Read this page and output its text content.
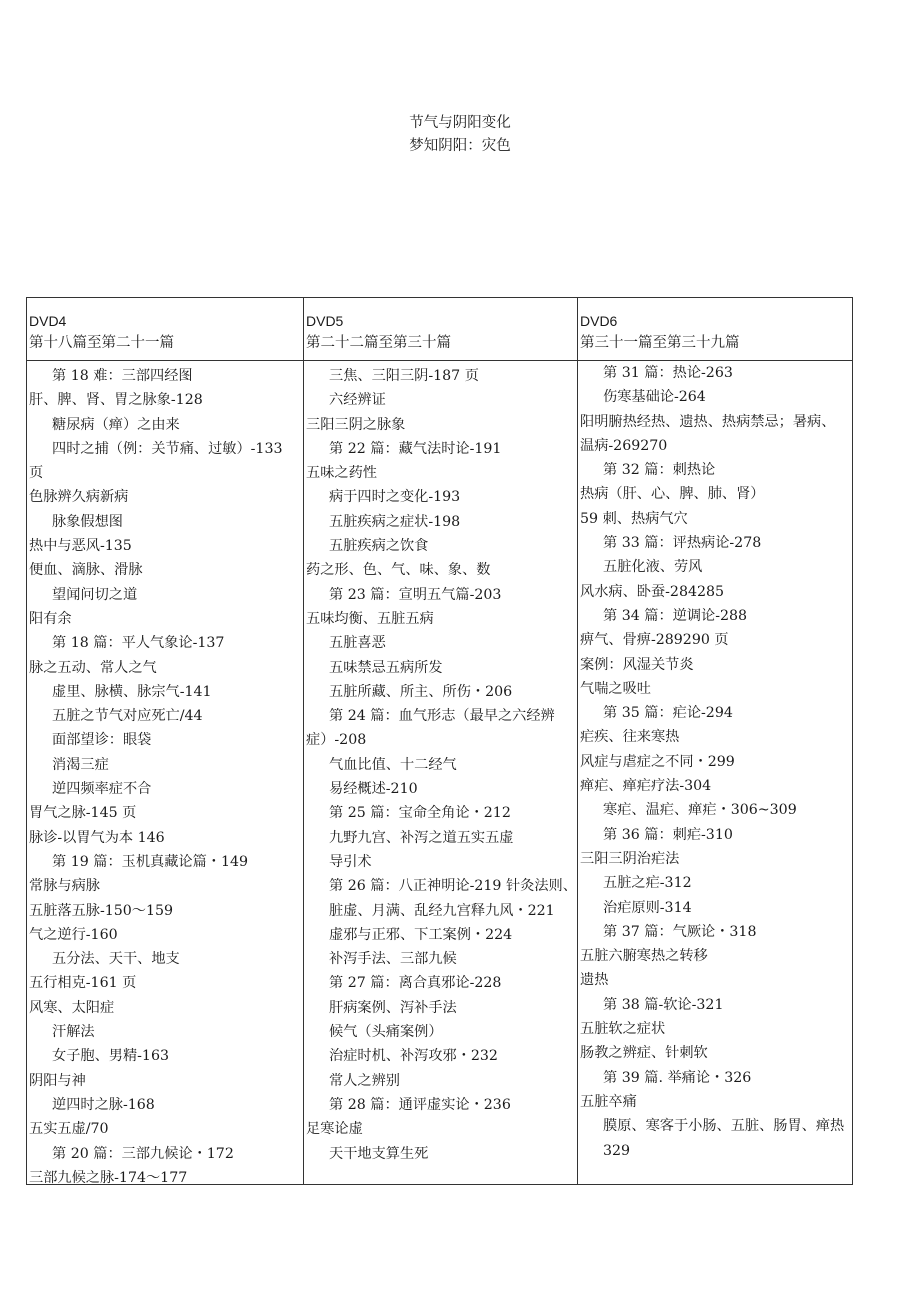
节气与阴阳变化
梦知阴阳：灾色
DVD4
第十八篇至第二十一篇
第 18 难：三部四经图
肝、脾、肾、胃之脉象-128
糖尿病（瘅）之由来
四时之捕（例：关节痛、过敏）-133
页
色脉辨久病新病
脉象假想图
热中与恶风-135
便血、滴脉、滑脉
望闻问切之道
阳有余
第 18 篇：平人气象论-137
脉之五动、常人之气
虚里、脉横、脉宗气-141
五脏之节气对应死亡/44
面部望诊：眼袋
消渴三症
逆四频率症不合
胃气之脉-145 页
脉诊-以胃气为本 146
第 19 篇：玉机真藏论篇・149
常脉与病脉
五脏落五脉-150～159
气之逆行-160
五分法、天干、地支
五行相克-161 页
风寒、太阳症
汗解法
女子胞、男精-163
阴阳与神
逆四时之脉-168
五实五虚/70
第 20 篇：三部九候论・172
三部九候之脉-174～177
DVD5
第二十二篇至第三十篇
三焦、三阳三阴-187 页
六经辨证
三阳三阴之脉象
第 22 篇：藏气法时论-191
五味之药性
病于四时之变化-193
五脏疾病之症状-198
五脏疾病之饮食
药之形、色、气、味、象、数
第 23 篇：宣明五气篇-203
五味均衡、五脏五病
五脏喜恶
五味禁忌五病所发
五脏所藏、所主、所伤・206
第 24 篇：血气形志（最早之六经辨
症）-208
气血比值、十二经气
易经概述-210
第 25 篇：宝命全角论・212
九野九宫、补泻之道五实五虚
导引术
第 26 篇：八正神明论-219 针灸法则、
脏虚、月满、乱经九宫释九风・221
虚邪与正邪、下工案例・224
补泻手法、三部九候
第 27 篇：离合真邪论-228
肝病案例、泻补手法
候气（头痛案例）
治症时机、补泻攻邪・232
常人之辨别
第 28 篇：通评虚实论・236
足寒论虚
天干地支算生死
DVD6
第三十一篇至第三十九篇
第 31 篇：热论-263
伤寒基础论-264
阳明腑热经热、遗热、热病禁忌；暑病、温病-269270
第 32 篇：刺热论
热病（肝、心、脾、肺、肾）
59 刺、热病气穴
第 33 篇：评热病论-278
五脏化液、劳风
风水病、卧蚕-284285
第 34 篇：逆调论-288
痹气、骨痹-289290 页
案例：风湿关节炎
气喘之吸吐
第 35 篇：疟论-294
疟疾、往来寒热
风症与虐症之不同・299
瘅疟、瘅疟疗法-304
寒疟、温疟、瘅疟・306~309
第 36 篇：刺疟-310
三阳三阴治疟法
五脏之疟-312
治疟原则-314
第 37 篇：气厥论・318
五脏六腑寒热之转移
遗热
第 38 篇-软论-321
五脏软之症状
肠教之辨症、针刺软
第 39 篇. 举痛论・326
五脏卒痛
膜原、寒客于小肠、五脏、肠胃、瘅热 329
